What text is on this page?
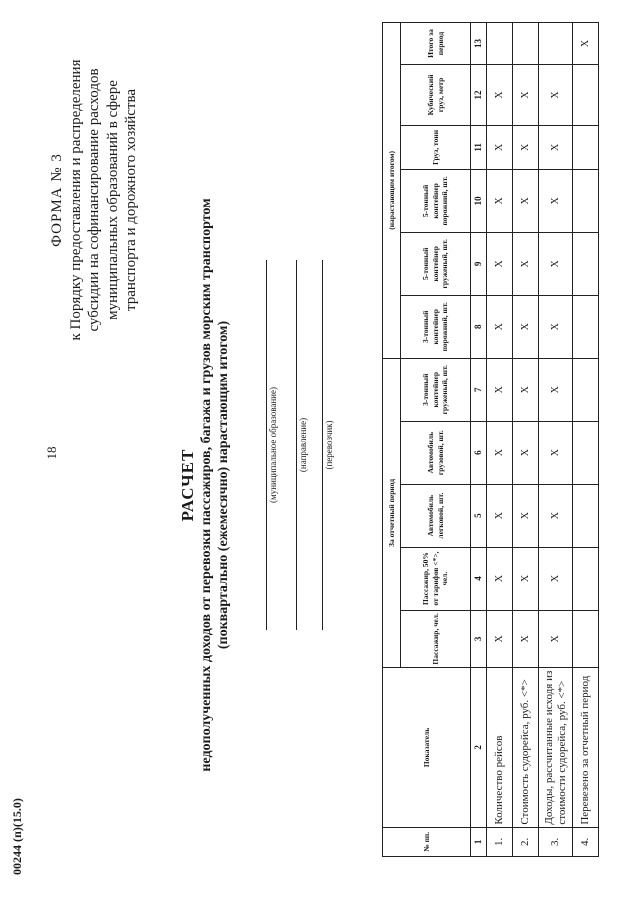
18
ФОРМА № 3 к Порядку предоставления и распределения субсидии на софинансирование расходов муниципальных образований в сфере транспорта и дорожного хозяйства
РАСЧЕТ недополученных доходов от перевозки пассажиров, багажа и грузов морским транспортом (поквартально (ежемесячно) нарастающим итогом)	(муниципальное образование) (направление) (перевозчик)
№ пп.	Показатель	За отчетный период					(нарастающим итогом)					
		Пассажир, чел.	Пассажир, 50% от тарифов <*>, чел.	Автомобиль легковой, шт.	Автомобиль грузовой, шт.	3-тонный контейнер груженый, шт.	3-тонный контейнер порожний, шт.	5-тонный контейнер груженый, шт.	5-тонный контейнер порожний, шт.	Груз, тонн	Кубический груз, метр	Итого за период
1	2	3	4	5	6	7	8	9	10	11	12	13
1.	Количество рейсов	X	X	X	X	X	X	X	X	X	X	
2.	Стоимость судорейса, руб. <*>	X	X	X	X	X	X	X	X	X	X	
3.	Доходы, рассчитанные исходя из стоимости судорейса, руб. <*>	X	X	X	X	X	X	X	X	X	X	
4.	Перевезено за отчетный период											X
00244 (п)(15.0)
